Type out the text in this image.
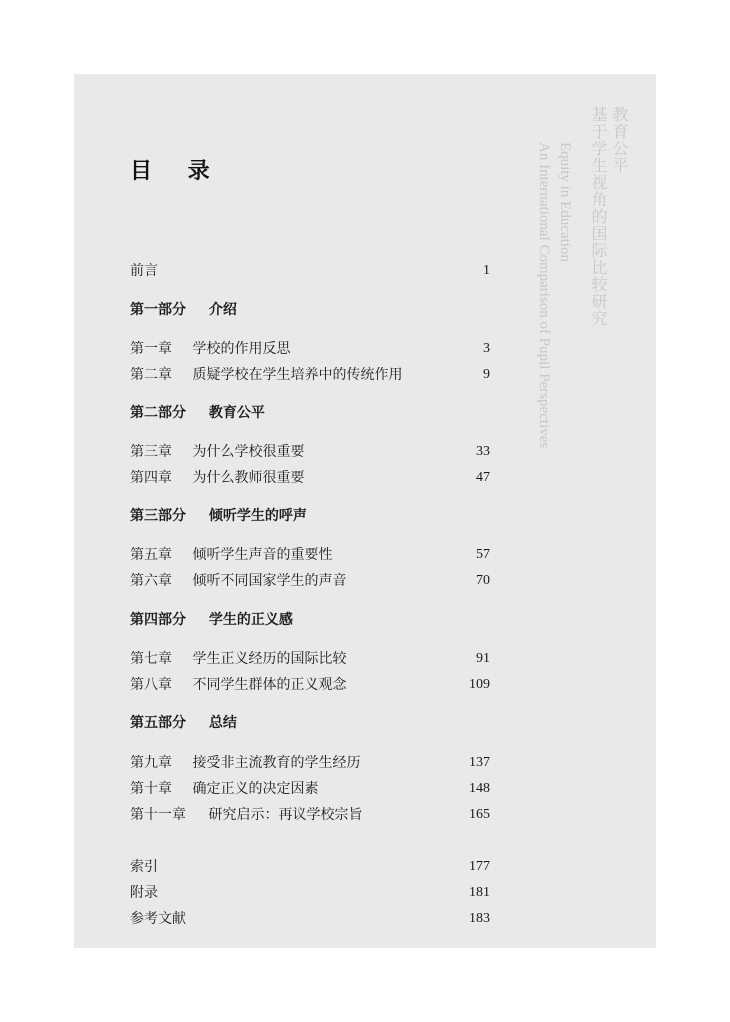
教育公平
基于学生视角的国际比较研究
Equity in Education
An International Comparison of Pupil Perspectives
目 录
前言	1
第一部分 介绍
第一章 学校的作用反思	3
第二章 质疑学校在学生培养中的传统作用	9
第二部分 教育公平
第三章 为什么学校很重要	33
第四章 为什么教师很重要	47
第三部分 倾听学生的呼声
第五章 倾听学生声音的重要性	57
第六章 倾听不同国家学生的声音	70
第四部分 学生的正义感
第七章 学生正义经历的国际比较	91
第八章 不同学生群体的正义观念	109
第五部分 总结
第九章 接受非主流教育的学生经历	137
第十章 确定正义的决定因素	148
第十一章 研究启示：再议学校宗旨	165
索引	177
附录	181
参考文献	183
